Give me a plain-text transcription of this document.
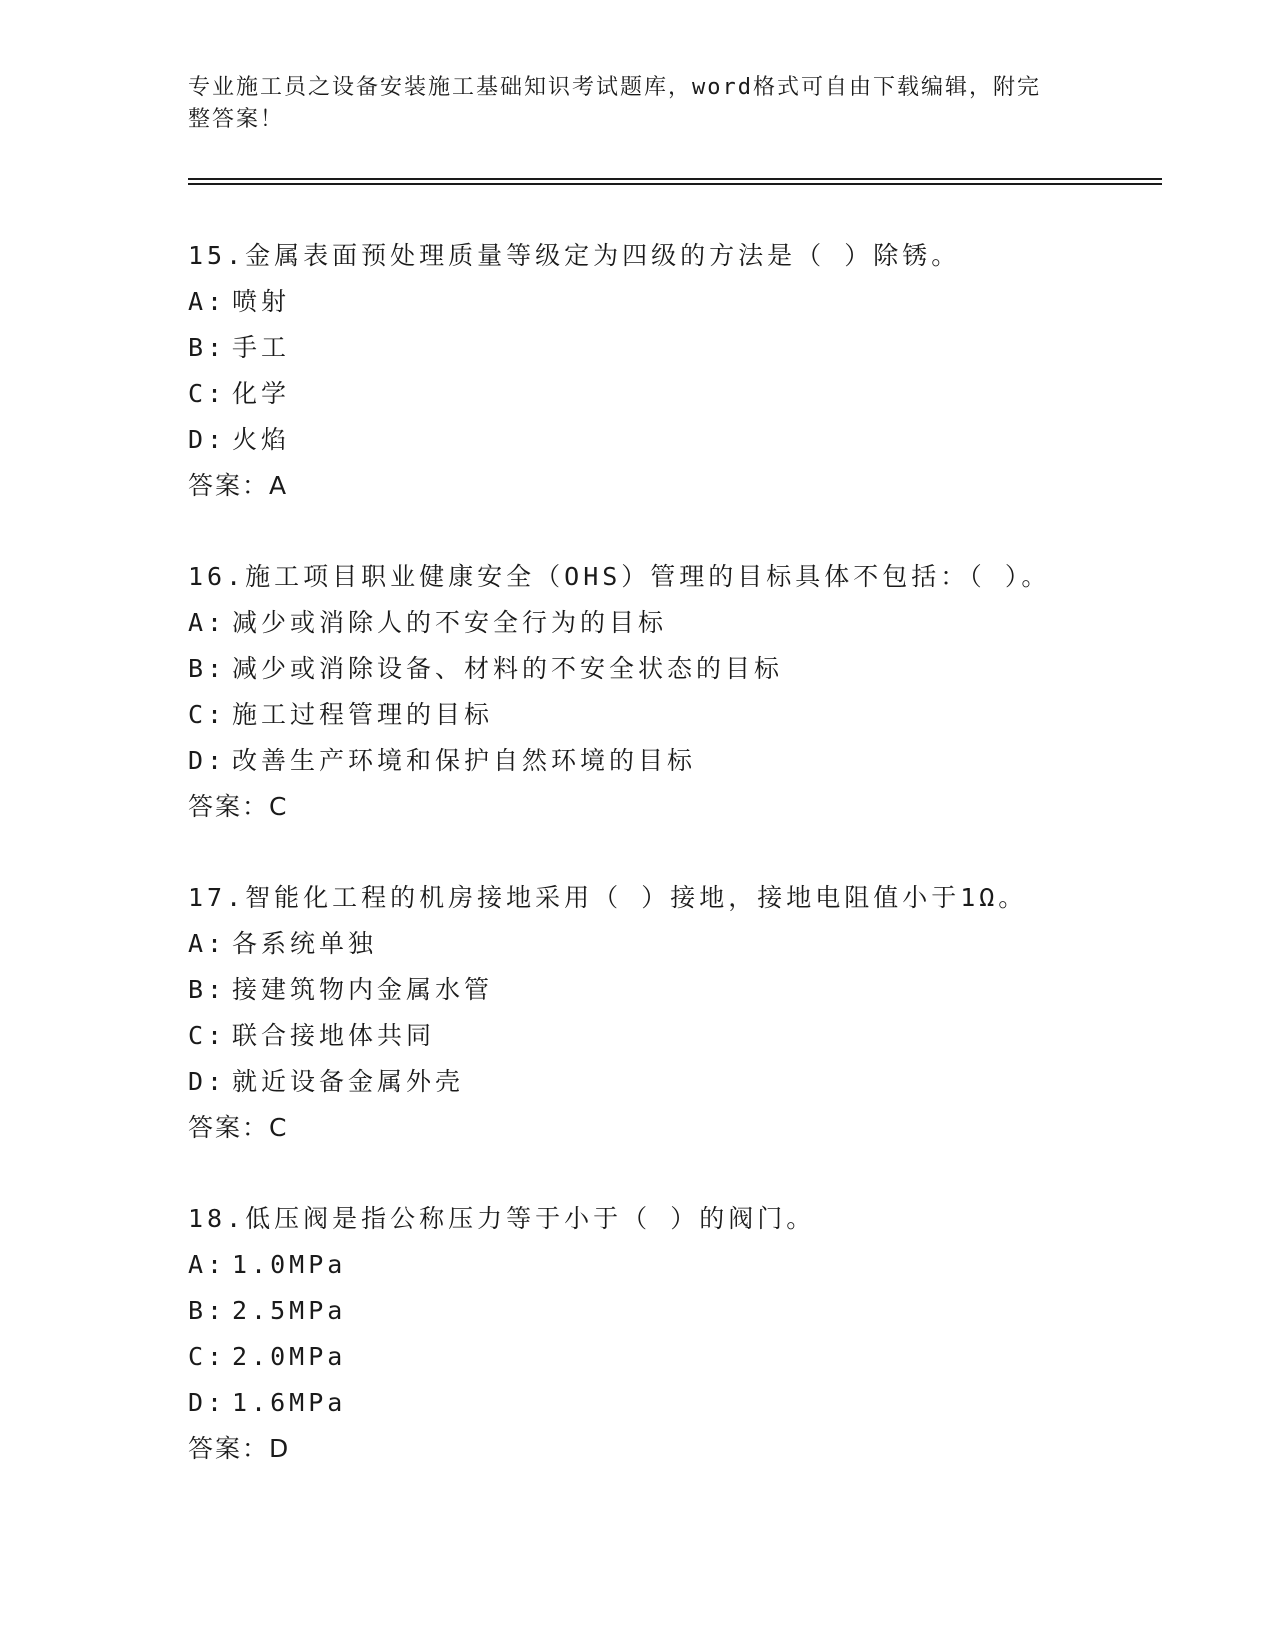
专业施工员之设备安装施工基础知识考试题库，word格式可自由下载编辑，附完
整答案！
15.金属表面预处理质量等级定为四级的方法是（ ）除锈。
A: 喷射
B: 手工
C: 化学
D: 火焰
答案：A
16.施工项目职业健康安全（OHS）管理的目标具体不包括：（ ）。
A: 减少或消除人的不安全行为的目标
B: 减少或消除设备、材料的不安全状态的目标
C: 施工过程管理的目标
D: 改善生产环境和保护自然环境的目标
答案：C
17.智能化工程的机房接地采用（ ）接地，接地电阻值小于1Ω。
A: 各系统单独
B: 接建筑物内金属水管
C: 联合接地体共同
D: 就近设备金属外壳
答案：C
18.低压阀是指公称压力等于小于（ ）的阀门。
A: 1.0MPa
B: 2.5MPa
C: 2.0MPa
D: 1.6MPa
答案：D
